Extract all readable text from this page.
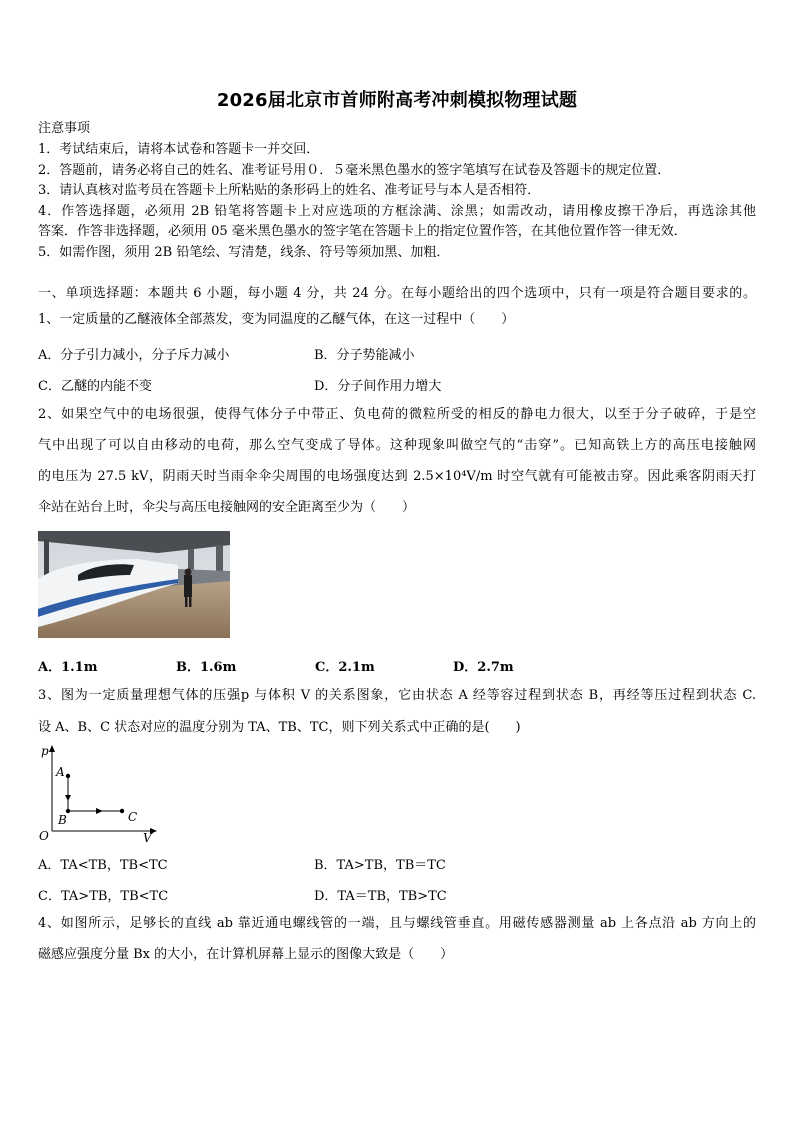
2026届北京市首师附高考冲刺模拟物理试题
注意事项
1．考试结束后，请将本试卷和答题卡一并交回．
2．答题前，请务必将自己的姓名、准考证号用０．５毫米黑色墨水的签字笔填写在试卷及答题卡的规定位置．
3．请认真核对监考员在答题卡上所粘贴的条形码上的姓名、准考证号与本人是否相符．
4．作答选择题，必须用 2B 铅笔将答题卡上对应选项的方框涂满、涂黑；如需改动，请用橡皮擦干净后，再选涂其他
答案．作答非选择题，必须用 05 毫米黑色墨水的签字笔在答题卡上的指定位置作答，在其他位置作答一律无效．
5．如需作图，须用 2B 铅笔绘、写清楚，线条、符号等须加黑、加粗．
一、单项选择题：本题共 6 小题，每小题 4 分，共 24 分。在每小题给出的四个选项中，只有一项是符合题目要求的。
1、一定质量的乙醚液体全部蒸发，变为同温度的乙醚气体，在这一过程中（　　）
A．分子引力减小，分子斥力减小	B．分子势能减小
C．乙醚的内能不变	D．分子间作用力增大
2、如果空气中的电场很强，使得气体分子中带正、负电荷的微粒所受的相反的静电力很大，以至于分子破碎，于是空
气中出现了可以自由移动的电荷，那么空气变成了导体。这种现象叫做空气的“击穿”。已知高铁上方的高压电接触网
的电压为 27.5 kV，阴雨天时当雨伞伞尖周围的电场强度达到 2.5×10⁴V/m 时空气就有可能被击穿。因此乘客阴雨天打
伞站在站台上时，伞尖与高压电接触网的安全距离至少为（　　）
A．1.1m	B．1.6m	C．2.1m	D．2.7m
3、图为一定质量理想气体的压强p 与体积 V 的关系图象，它由状态 A 经等容过程到状态 B，再经等压过程到状态 C.
设 A、B、C 状态对应的温度分别为 TA、TB、TC，则下列关系式中正确的是(　　)
p
V
O
A
B	C
A．TA<TB，TB<TC	B．TA>TB，TB＝TC
C．TA>TB，TB<TC	D．TA＝TB，TB>TC
4、如图所示，足够长的直线 ab 靠近通电螺线管的一端，且与螺线管垂直。用磁传感器测量 ab 上各点沿 ab 方向上的
磁感应强度分量 Bx 的大小，在计算机屏幕上显示的图像大致是（　　）
